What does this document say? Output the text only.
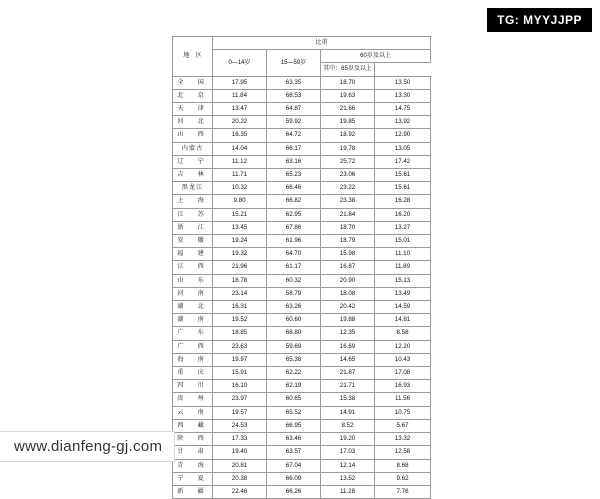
TG: MYYJJPP
地　区	比重			
	0—14岁	15—59岁	60岁及以上	
			其中：65岁及以上	
全　国	17.95	63.35	18.70	13.50
北　京	11.84	68.53	19.63	13.30
天　津	13.47	64.87	21.66	14.75
河　北	20.22	59.92	19.85	13.92
山　西	16.35	64.72	18.92	12.90
内蒙古	14.04	66.17	19.78	13.05
辽　宁	11.12	63.16	25.72	17.42
吉　林	11.71	65.23	23.06	15.61
黑龙江	10.32	66.46	23.22	15.61
上　海	9.80	66.82	23.38	16.28
江　苏	15.21	62.95	21.84	16.20
浙　江	13.45	67.86	18.70	13.27
安　徽	19.24	61.96	18.79	15.01
福　建	19.32	64.70	15.98	11.10
江　西	21.96	61.17	16.87	11.89
山　东	18.78	60.32	20.90	15.13
河　南	23.14	58.79	18.08	13.49
湖　北	16.31	63.26	20.42	14.59
湖　南	19.52	60.60	19.88	14.81
广　东	18.85	68.80	12.35	8.58
广　西	23.63	59.69	16.69	12.20
海　南	19.97	65.38	14.65	10.43
重　庆	15.91	62.22	21.87	17.08
四　川	16.10	62.19	21.71	16.93
贵　州	23.97	60.65	15.38	11.56
云　南	19.57	65.52	14.91	10.75
西　藏	24.53	66.95	8.52	5.67
陕　西	17.33	63.46	19.20	13.32
甘　肃	19.40	63.57	17.03	12.58
青　海	20.81	67.04	12.14	8.68
宁　夏	20.38	66.09	13.52	9.62
新　疆	22.46	66.26	11.28	7.76
www.dianfeng-gj.com
